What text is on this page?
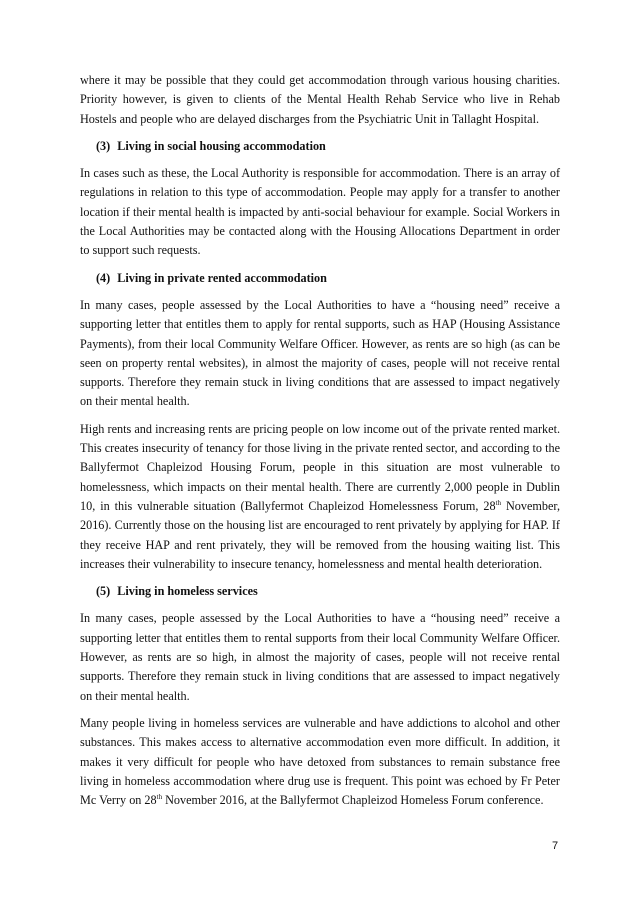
where it may be possible that they could get accommodation through various housing charities. Priority however, is given to clients of the Mental Health Rehab Service who live in Rehab Hostels and people who are delayed discharges from the Psychiatric Unit in Tallaght Hospital.

(3) Living in social housing accommodation

In cases such as these, the Local Authority is responsible for accommodation. There is an array of regulations in relation to this type of accommodation. People may apply for a transfer to another location if their mental health is impacted by anti-social behaviour for example. Social Workers in the Local Authorities may be contacted along with the Housing Allocations Department in order to support such requests.

(4) Living in private rented accommodation

In many cases, people assessed by the Local Authorities to have a “housing need” receive a supporting letter that entitles them to apply for rental supports, such as HAP (Housing Assistance Payments), from their local Community Welfare Officer. However, as rents are so high (as can be seen on property rental websites), in almost the majority of cases, people will not receive rental supports. Therefore they remain stuck in living conditions that are assessed to impact negatively on their mental health.

High rents and increasing rents are pricing people on low income out of the private rented market. This creates insecurity of tenancy for those living in the private rented sector, and according to the Ballyfermot Chapleizod Housing Forum, people in this situation are most vulnerable to homelessness, which impacts on their mental health. There are currently 2,000 people in Dublin 10, in this vulnerable situation (Ballyfermot Chapleizod Homelessness Forum, 28th November, 2016). Currently those on the housing list are encouraged to rent privately by applying for HAP. If they receive HAP and rent privately, they will be removed from the housing waiting list. This increases their vulnerability to insecure tenancy, homelessness and mental health deterioration.

(5) Living in homeless services

In many cases, people assessed by the Local Authorities to have a “housing need” receive a supporting letter that entitles them to rental supports from their local Community Welfare Officer. However, as rents are so high, in almost the majority of cases, people will not receive rental supports. Therefore they remain stuck in living conditions that are assessed to impact negatively on their mental health.

Many people living in homeless services are vulnerable and have addictions to alcohol and other substances. This makes access to alternative accommodation even more difficult. In addition, it makes it very difficult for people who have detoxed from substances to remain substance free living in homeless accommodation where drug use is frequent. This point was echoed by Fr Peter Mc Verry on 28th November 2016, at the Ballyfermot Chapleizod Homeless Forum conference.

7
